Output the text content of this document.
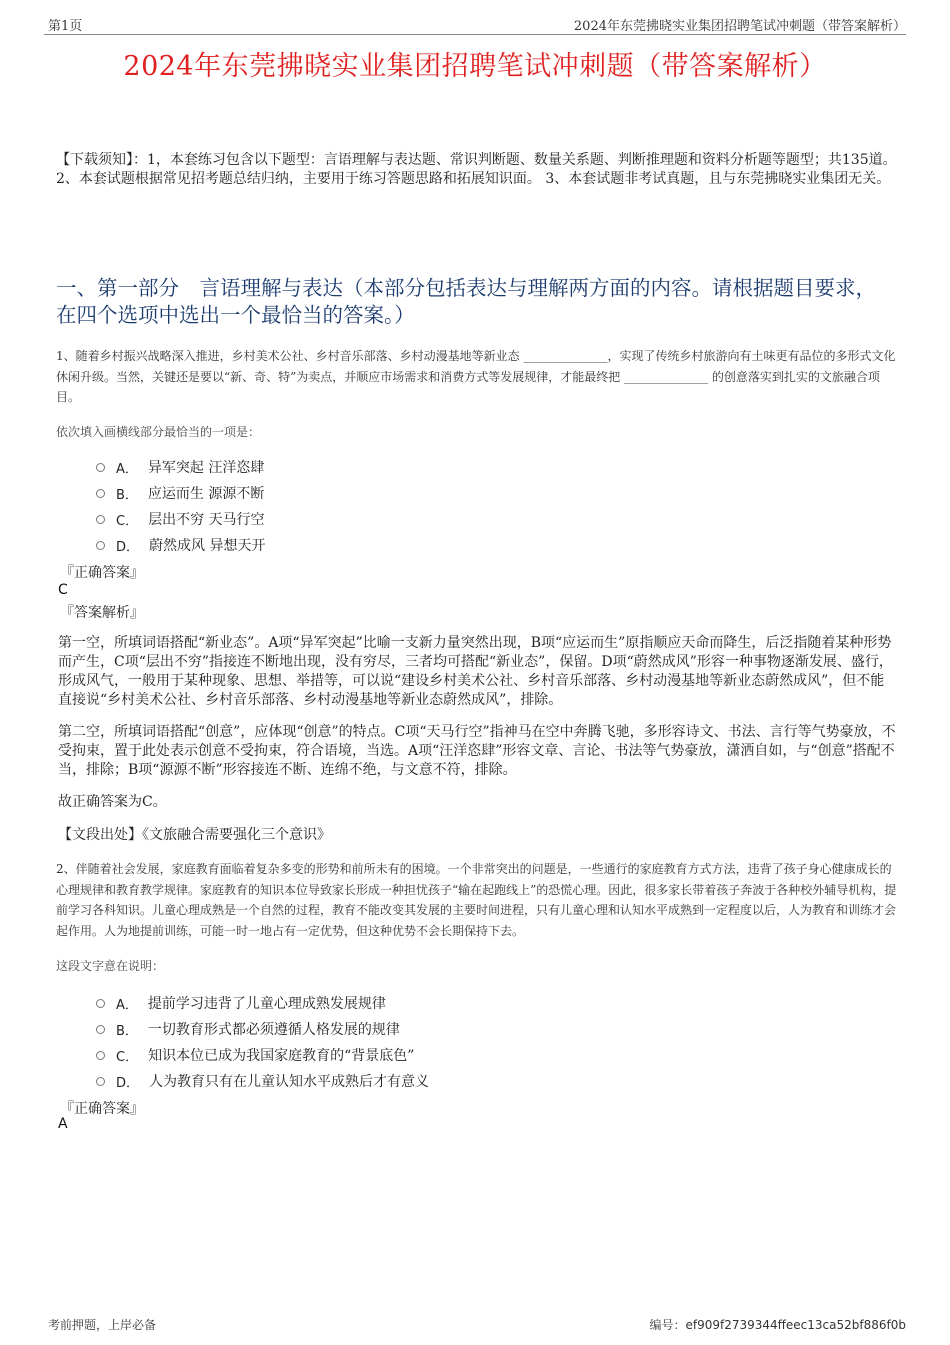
第1页	2024年东莞拂晓实业集团招聘笔试冲刺题（带答案解析）
2024年东莞拂晓实业集团招聘笔试冲刺题（带答案解析）
【下载须知】：1，本套练习包含以下题型：言语理解与表达题、常识判断题、数量关系题、判断推理题和资料分析题等题型；共135道。 2、本套试题根据常见招考题总结归纳，主要用于练习答题思路和拓展知识面。 3、本套试题非考试真题，且与东莞拂晓实业集团无关。
一、第一部分　言语理解与表达（本部分包括表达与理解两方面的内容。请根据题目要求，在四个选项中选出一个最恰当的答案。）
1、随着乡村振兴战略深入推进，乡村美术公社、乡村音乐部落、乡村动漫基地等新业态 ______________，实现了传统乡村旅游向有土味更有品位的多形式文化休闲升级。当然，关键还是要以“新、奇、特”为卖点，并顺应市场需求和消费方式等发展规律，才能最终把 ______________ 的创意落实到扎实的文旅融合项目。
依次填入画横线部分最恰当的一项是：
A． 异军突起 汪洋恣肆
B． 应运而生 源源不断
C． 层出不穷 天马行空
D． 蔚然成风 异想天开
『正确答案』
C
『答案解析』
第一空，所填词语搭配“新业态”。A项“异军突起”比喻一支新力量突然出现，B项“应运而生”原指顺应天命而降生，后泛指随着某种形势而产生，C项“层出不穷”指接连不断地出现，没有穷尽，三者均可搭配“新业态”，保留。D项“蔚然成风”形容一种事物逐渐发展、盛行，形成风气，一般用于某种现象、思想、举措等，可以说“建设乡村美术公社、乡村音乐部落、乡村动漫基地等新业态蔚然成风”，但不能直接说“乡村美术公社、乡村音乐部落、乡村动漫基地等新业态蔚然成风”，排除。
第二空，所填词语搭配“创意”，应体现“创意”的特点。C项“天马行空”指神马在空中奔腾飞驰，多形容诗文、书法、言行等气势豪放，不受拘束，置于此处表示创意不受拘束，符合语境，当选。A项“汪洋恣肆”形容文章、言论、书法等气势豪放，潇洒自如，与“创意”搭配不当，排除；B项“源源不断”形容接连不断、连绵不绝，与文意不符，排除。
故正确答案为C。
【文段出处】《文旅融合需要强化三个意识》
2、伴随着社会发展，家庭教育面临着复杂多变的形势和前所未有的困境。一个非常突出的问题是，一些通行的家庭教育方式方法，违背了孩子身心健康成长的心理规律和教育教学规律。家庭教育的知识本位导致家长形成一种担忧孩子“输在起跑线上”的恐慌心理。因此，很多家长带着孩子奔波于各种校外辅导机构，提前学习各科知识。儿童心理成熟是一个自然的过程，教育不能改变其发展的主要时间进程，只有儿童心理和认知水平成熟到一定程度以后，人为教育和训练才会起作用。人为地提前训练，可能一时一地占有一定优势，但这种优势不会长期保持下去。
这段文字意在说明：
A． 提前学习违背了儿童心理成熟发展规律
B． 一切教育形式都必须遵循人格发展的规律
C． 知识本位已成为我国家庭教育的“背景底色”
D． 人为教育只有在儿童认知水平成熟后才有意义
『正确答案』
A
考前押题，上岸必备	编号：ef909f2739344ffeec13ca52bf886f0b
